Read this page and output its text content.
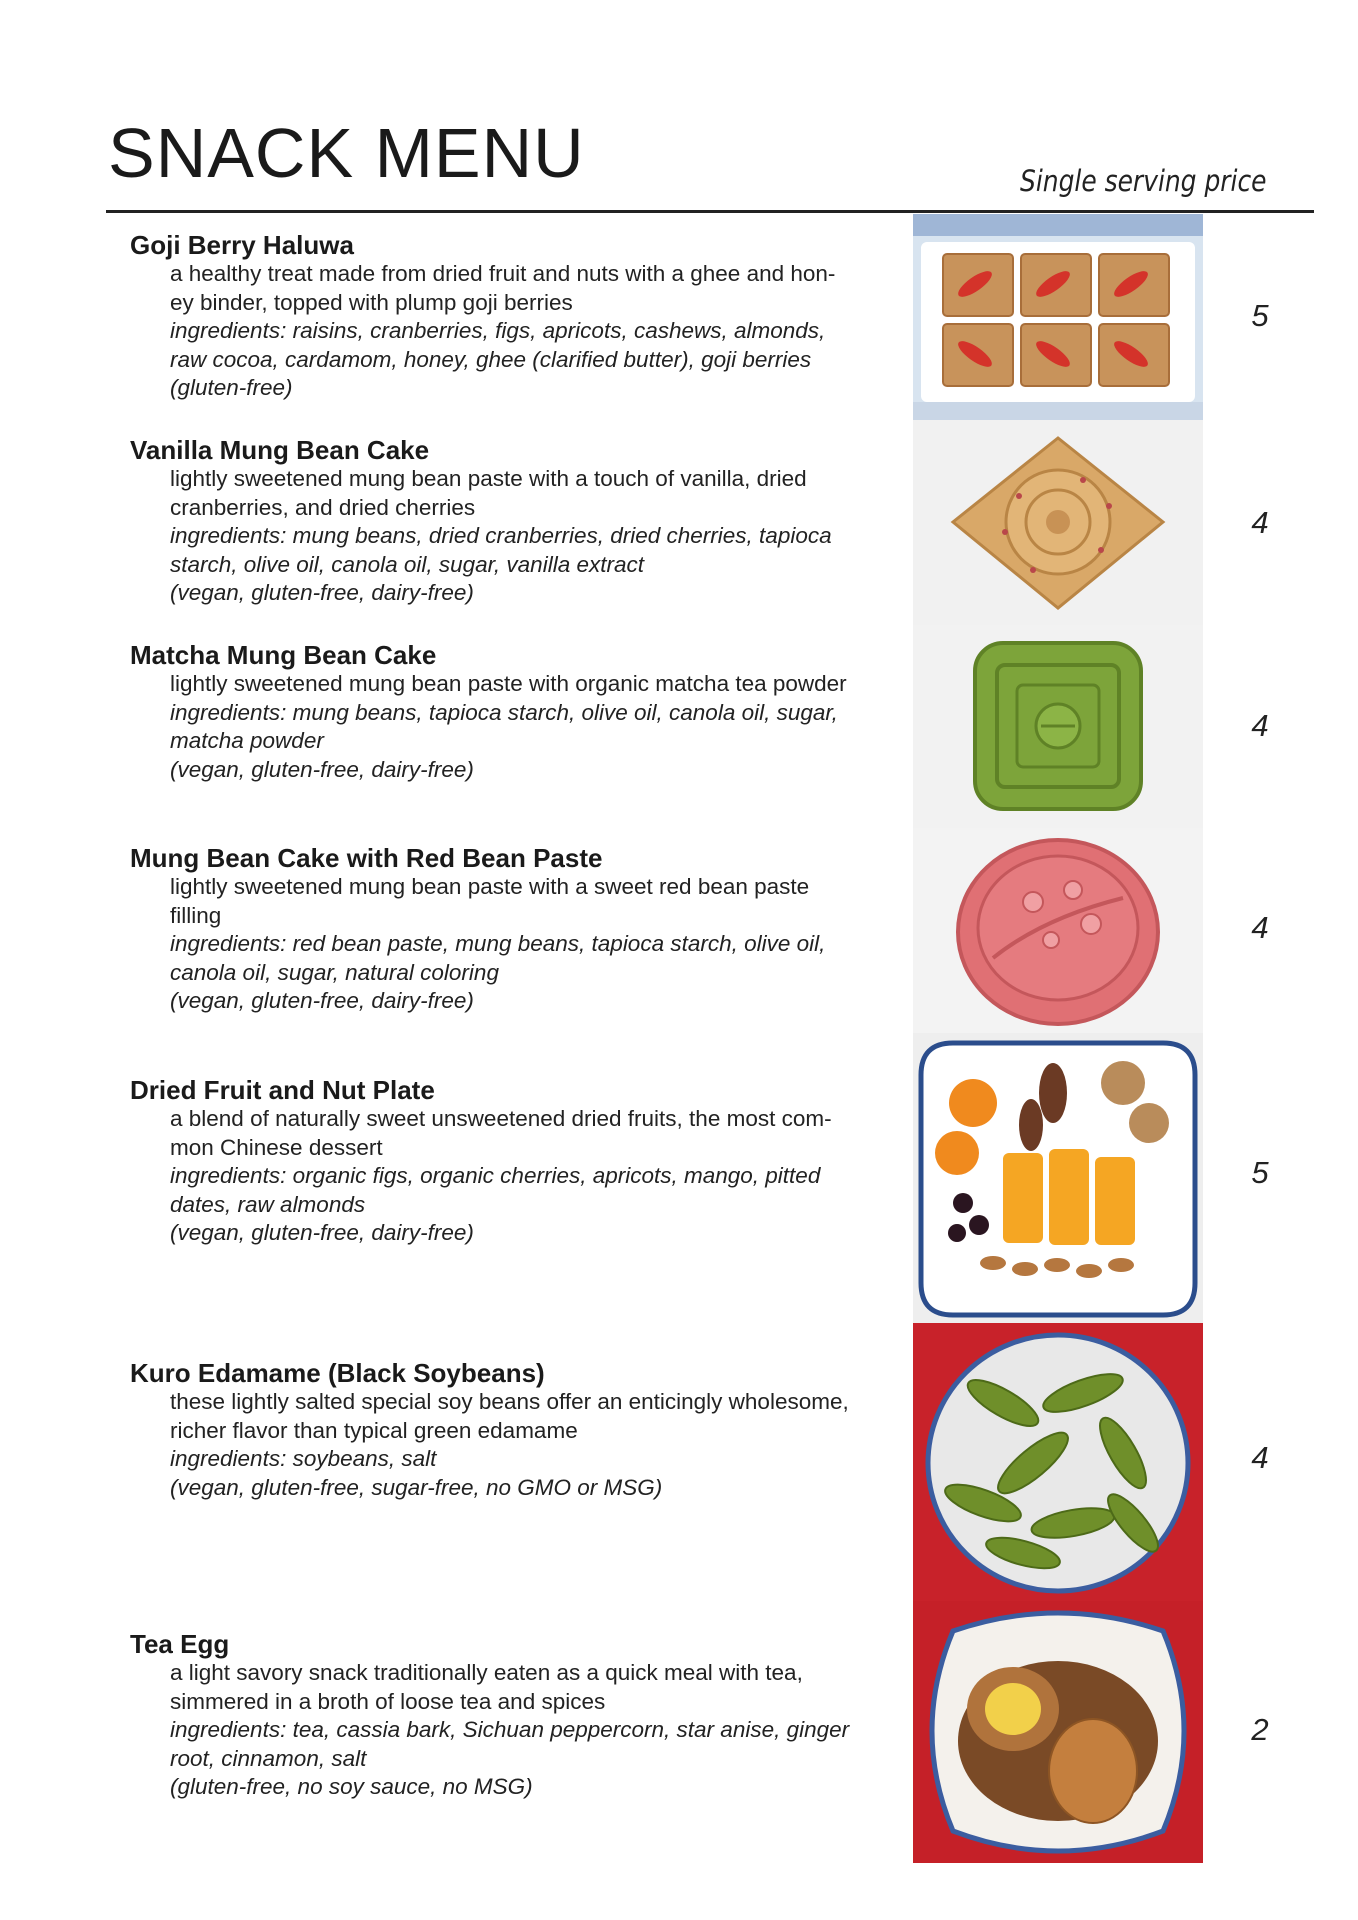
SNACK MENU	Single serving price
Goji Berry Haluwa
a healthy treat made from dried fruit and nuts with a ghee and hon-
ey binder, topped with plump goji berries
ingredients: raisins, cranberries, figs, apricots, cashews, almonds,
raw cocoa, cardamom, honey, ghee (clarified butter), goji berries
(gluten-free)
5
Vanilla Mung Bean Cake
lightly sweetened mung bean paste with a touch of vanilla, dried
cranberries, and dried cherries
ingredients: mung beans, dried cranberries, dried cherries, tapioca
starch, olive oil, canola oil, sugar, vanilla extract
(vegan, gluten-free, dairy-free)
4
Matcha Mung Bean Cake
lightly sweetened mung bean paste with organic matcha tea powder
ingredients: mung beans, tapioca starch, olive oil, canola oil, sugar,
matcha powder
(vegan, gluten-free, dairy-free)
4
Mung Bean Cake with Red Bean Paste
lightly sweetened mung bean paste with a sweet red bean paste
filling
ingredients: red bean paste, mung beans, tapioca starch, olive oil,
canola oil, sugar, natural coloring
(vegan, gluten-free, dairy-free)
4
Dried Fruit and Nut Plate
a blend of naturally sweet unsweetened dried fruits, the most com-
mon Chinese dessert
ingredients: organic figs, organic cherries, apricots, mango, pitted
dates, raw almonds
(vegan, gluten-free, dairy-free)
5
Kuro Edamame (Black Soybeans)
these lightly salted special soy beans offer an enticingly wholesome,
richer flavor than typical green edamame
ingredients: soybeans, salt
(vegan, gluten-free, sugar-free, no GMO or MSG)
4
Tea Egg
a light savory snack traditionally eaten as a quick meal with tea,
simmered in a broth of loose tea and spices
ingredients: tea, cassia bark, Sichuan peppercorn, star anise, ginger
root, cinnamon, salt
(gluten-free, no soy sauce, no MSG)
2
